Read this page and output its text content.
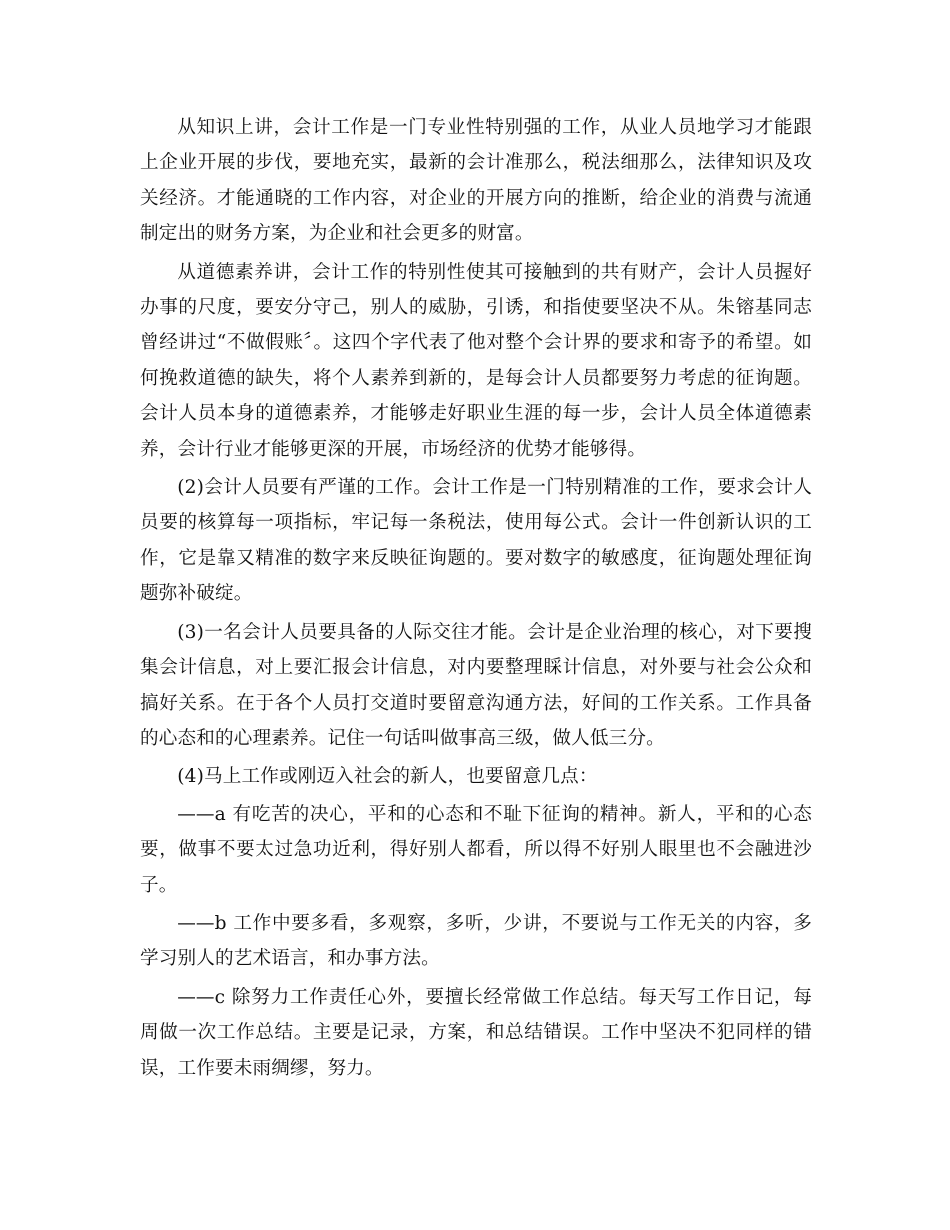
从知识上讲，会计工作是一门专业性特别强的工作，从业人员地学习才能跟上企业开展的步伐，要地充实，最新的会计准那么，税法细那么，法律知识及攻关经济。才能通晓的工作内容，对企业的开展方向的推断，给企业的消费与流通制定出的财务方案，为企业和社会更多的财富。

从道德素养讲，会计工作的特别性使其可接触到的共有财产，会计人员握好办事的尺度，要安分守己，别人的威胁，引诱，和指使要坚决不从。朱镕基同志曾经讲过“不做假账〞。这四个字代表了他对整个会计界的要求和寄予的希望。如何挽救道德的缺失，将个人素养到新的，是每会计人员都要努力考虑的征询题。会计人员本身的道德素养，才能够走好职业生涯的每一步，会计人员全体道德素养，会计行业才能够更深的开展，市场经济的优势才能够得。

(2)会计人员要有严谨的工作。会计工作是一门特别精准的工作，要求会计人员要的核算每一项指标，牢记每一条税法，使用每公式。会计一件创新认识的工作，它是靠又精准的数字来反映征询题的。要对数字的敏感度，征询题处理征询题弥补破绽。

(3)一名会计人员要具备的人际交往才能。会计是企业治理的核心，对下要搜集会计信息，对上要汇报会计信息，对内要整理睬计信息，对外要与社会公众和搞好关系。在于各个人员打交道时要留意沟通方法，好间的工作关系。工作具备的心态和的心理素养。记住一句话叫做事高三级，做人低三分。

(4)马上工作或刚迈入社会的新人，也要留意几点：

——a 有吃苦的决心，平和的心态和不耻下征询的精神。新人，平和的心态要，做事不要太过急功近利，得好别人都看，所以得不好别人眼里也不会融进沙子。

——b 工作中要多看，多观察，多听，少讲，不要说与工作无关的内容，多学习别人的艺术语言，和办事方法。

——c 除努力工作责任心外，要擅长经常做工作总结。每天写工作日记，每周做一次工作总结。主要是记录，方案，和总结错误。工作中坚决不犯同样的错误，工作要未雨绸缪，努力。
